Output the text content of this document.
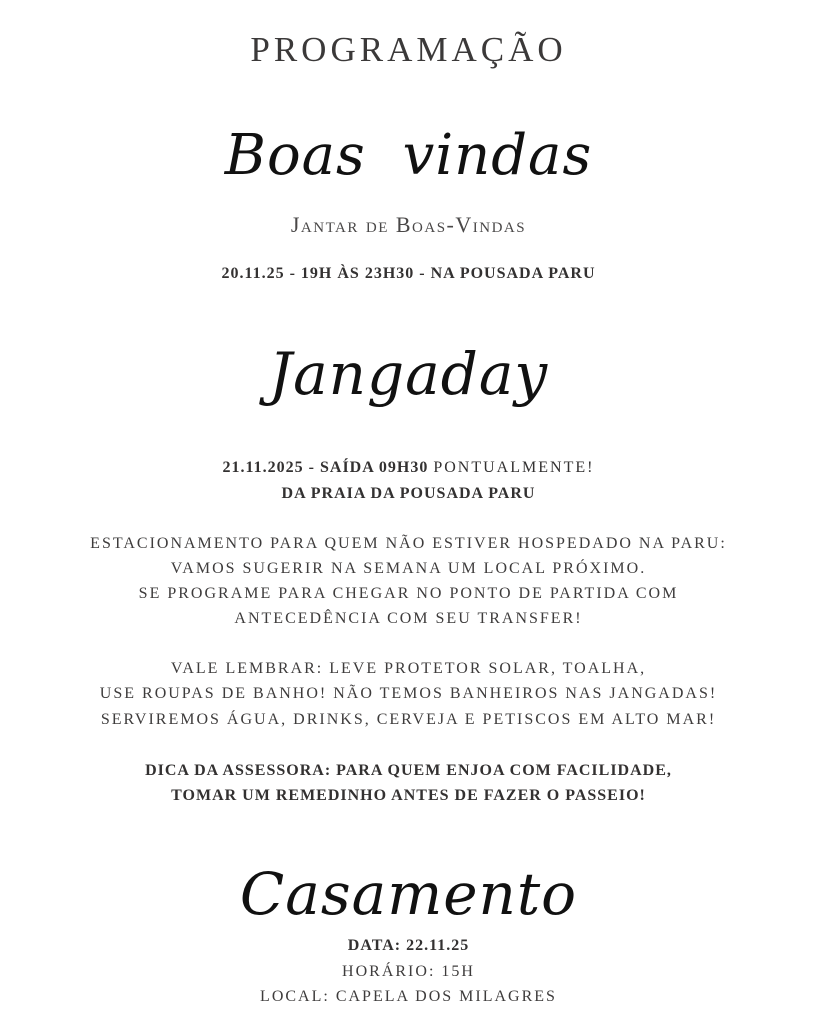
PROGRAMAÇÃO
Boas vindas
Jantar de Boas-Vindas
20.11.25 - 19H ÀS 23H30 - NA POUSADA PARU
Jangaday
21.11.2025 - SAÍDA 09H30 PONTUALMENTE!
DA PRAIA DA POUSADA PARU
ESTACIONAMENTO PARA QUEM NÃO ESTIVER HOSPEDADO NA PARU:
VAMOS SUGERIR NA SEMANA UM LOCAL PRÓXIMO.
SE PROGRAME PARA CHEGAR NO PONTO DE PARTIDA COM
ANTECEDÊNCIA COM SEU TRANSFER!
VALE LEMBRAR: LEVE PROTETOR SOLAR, TOALHA,
USE ROUPAS DE BANHO! NÃO TEMOS BANHEIROS NAS JANGADAS!
SERVIREMOS ÁGUA, DRINKS, CERVEJA E PETISCOS EM ALTO MAR!
DICA DA ASSESSORA: PARA QUEM ENJOA COM FACILIDADE,
TOMAR UM REMEDINHO ANTES DE FAZER O PASSEIO!
Casamento
DATA: 22.11.25
HORÁRIO: 15H
LOCAL: CAPELA DOS MILAGRES
